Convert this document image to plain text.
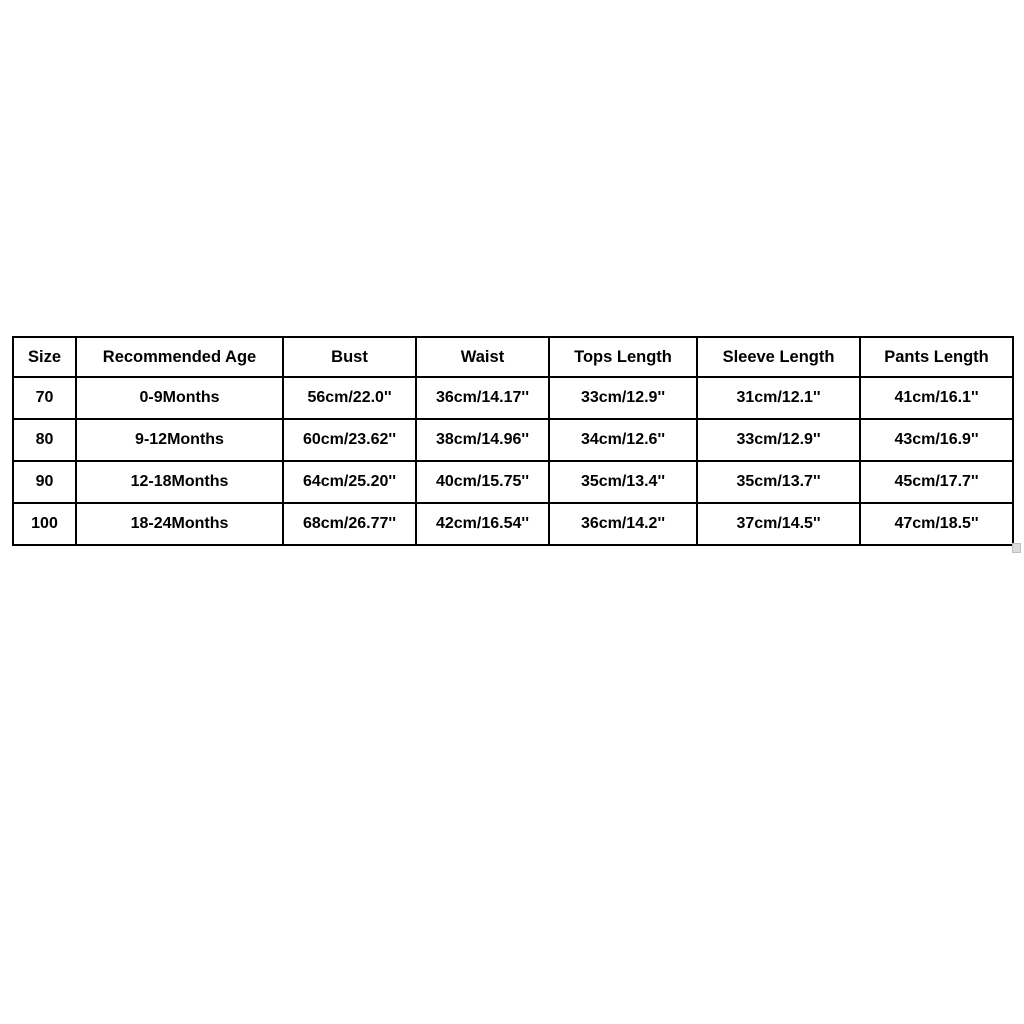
Size	Recommended Age	Bust	Waist	Tops Length	Sleeve Length	Pants Length
70	0-9Months	56cm/22.0''	36cm/14.17''	33cm/12.9''	31cm/12.1''	41cm/16.1''
80	9-12Months	60cm/23.62''	38cm/14.96''	34cm/12.6''	33cm/12.9''	43cm/16.9''
90	12-18Months	64cm/25.20''	40cm/15.75''	35cm/13.4''	35cm/13.7''	45cm/17.7''
100	18-24Months	68cm/26.77''	42cm/16.54''	36cm/14.2''	37cm/14.5''	47cm/18.5''
